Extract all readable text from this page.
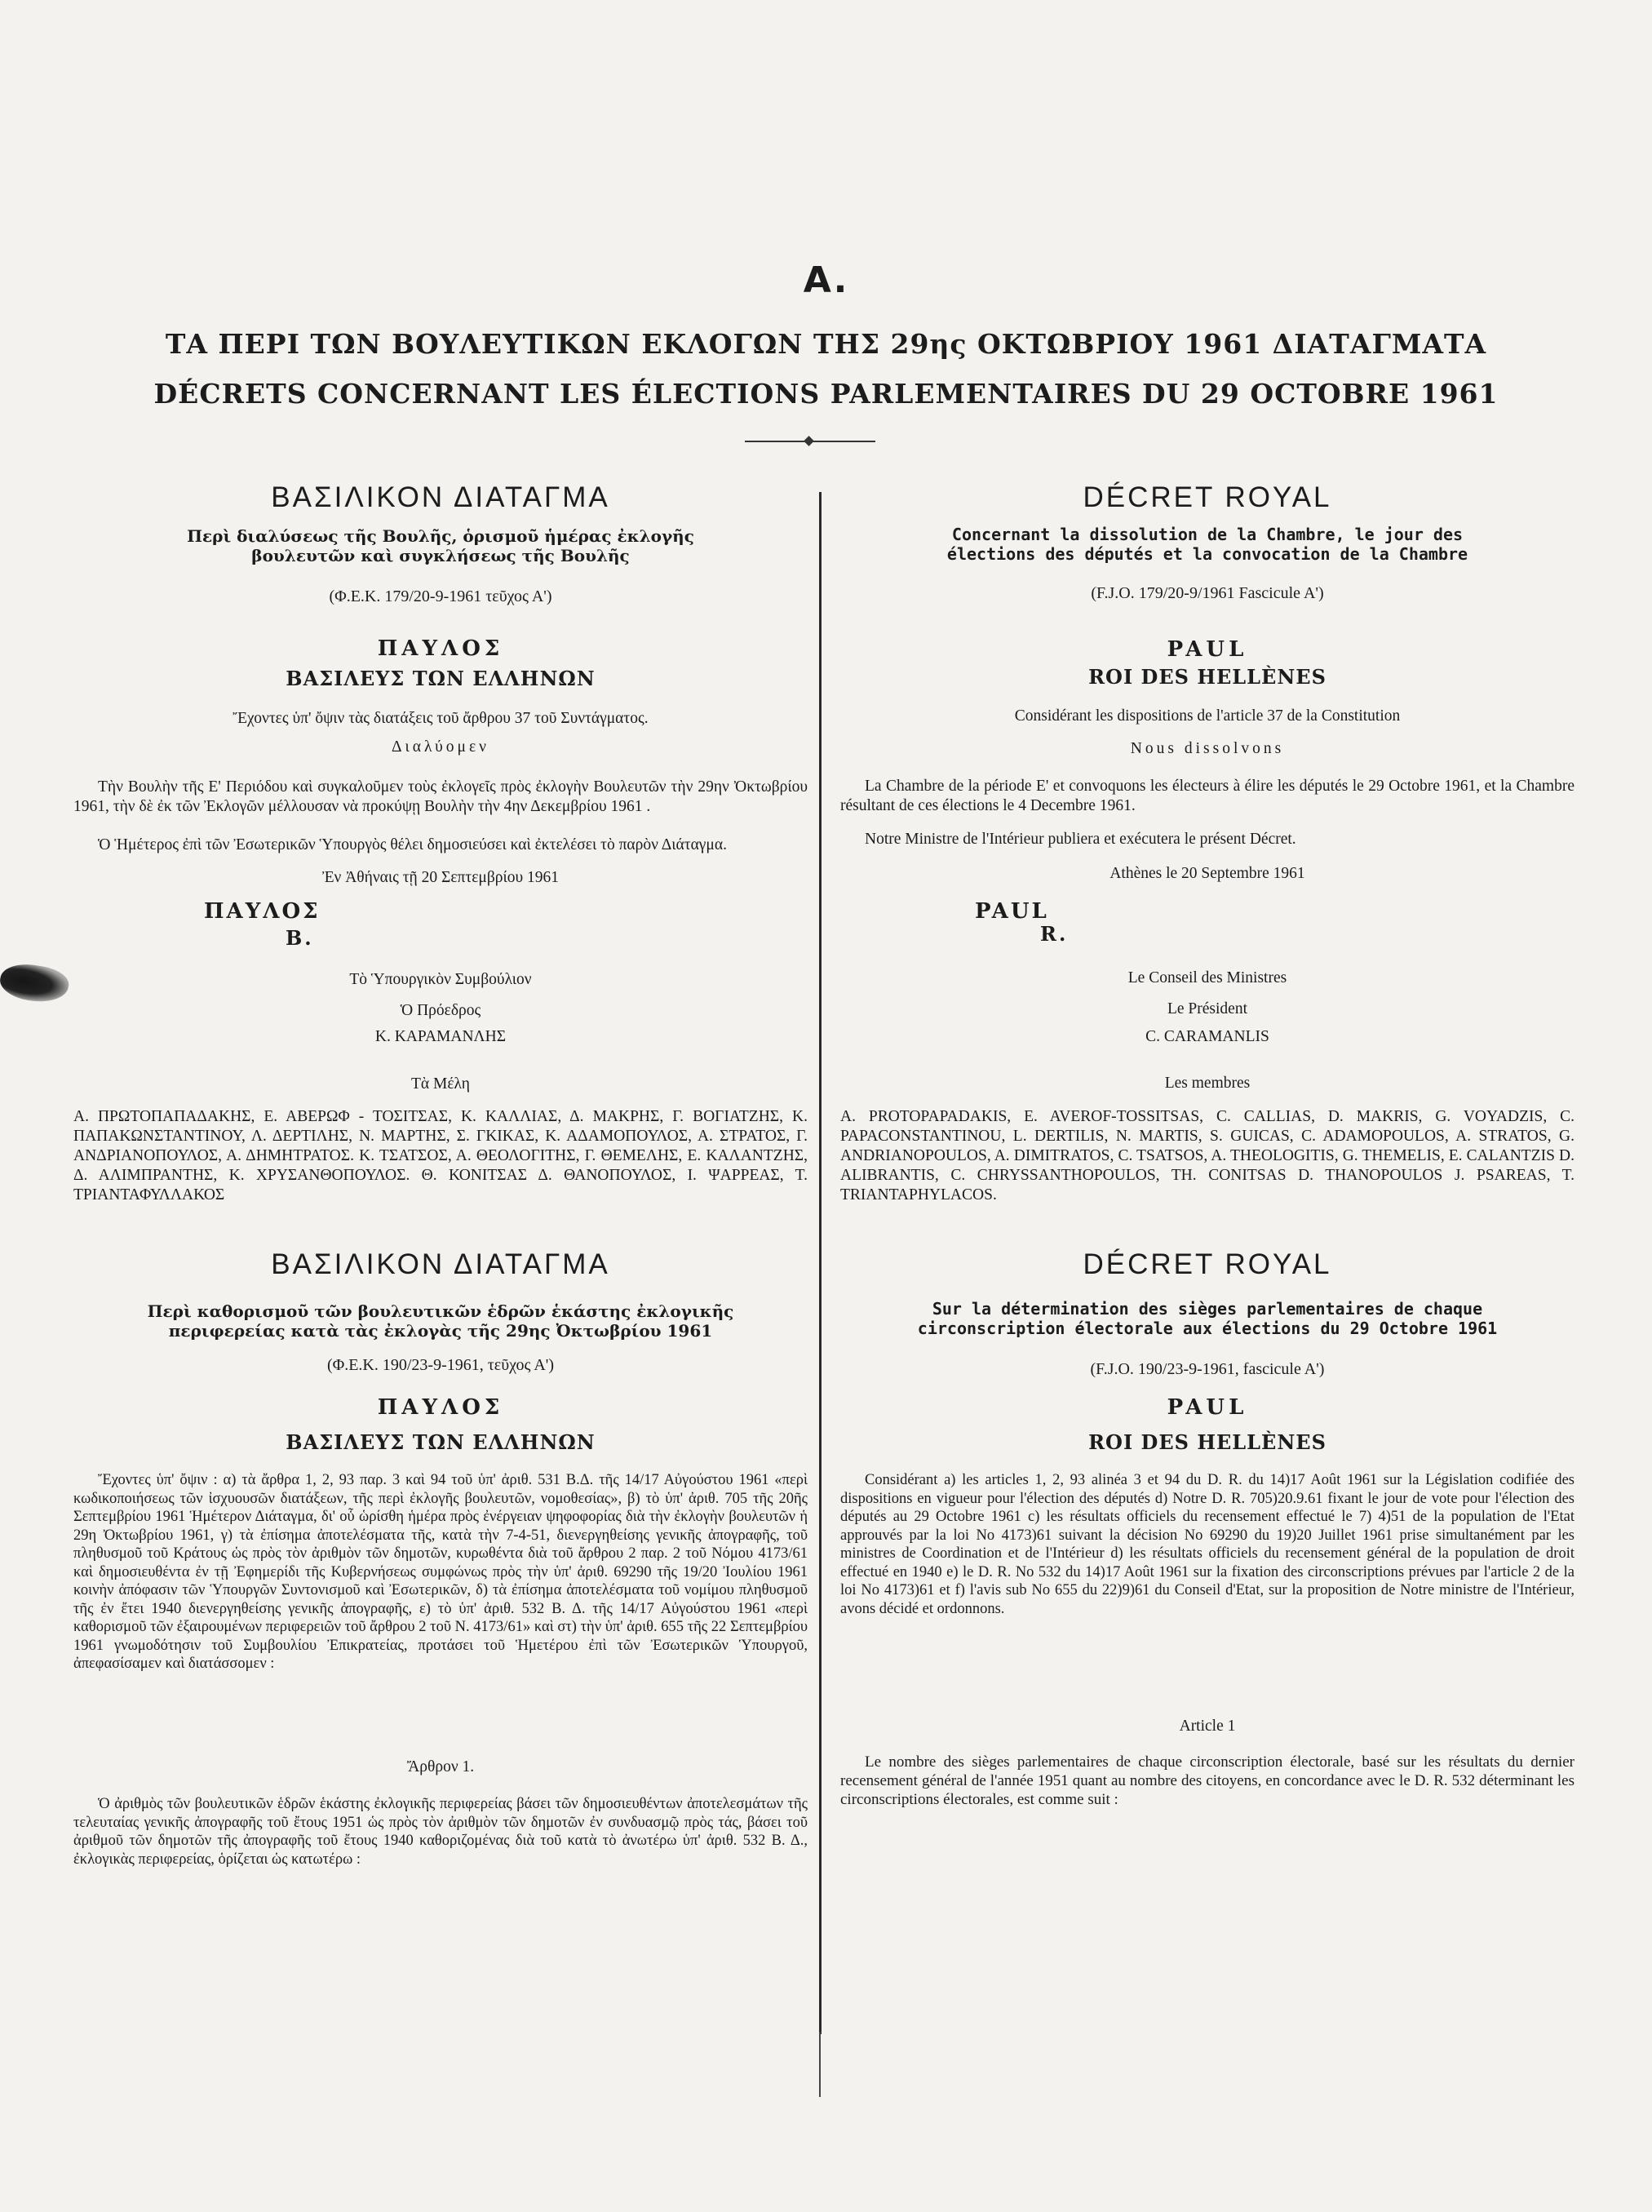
A.
ΤΑ ΠΕΡΙ ΤΩΝ ΒΟΥΛΕΥΤΙΚΩΝ ΕΚΛΟΓΩΝ ΤΗΣ 29ης ΟΚΤΩΒΡΙΟΥ 1961 ΔΙΑΤΑΓΜΑΤΑ
DÉCRETS CONCERNANT LES ÉLECTIONS PARLEMENTAIRES DU 29 OCTOBRE 1961
ΒΑΣΙΛΙΚΟΝ ΔΙΑΤΑΓΜΑ
Περὶ διαλύσεως τῆς Βουλῆς, ὁρισμοῦ ἡμέρας ἐκλογῆς βουλευτῶν καὶ συγκλήσεως τῆς Βουλῆς
(Φ.Ε.Κ. 179/20-9-1961 τεῦχος Α')
ΠΑΥΛΟΣ
ΒΑΣΙΛΕΥΣ ΤΩΝ ΕΛΛΗΝΩΝ
Ἔχοντες ὑπ' ὄψιν τὰς διατάξεις τοῦ ἄρθρου 37 τοῦ Συντάγματος.
Διαλύομεν
Τὴν Βουλὴν τῆς Ε' Περιόδου καὶ συγκαλοῦμεν τοὺς ἐκλογεῖς πρὸς ἐκλογὴν Βουλευτῶν τὴν 29ην Ὀκτωβρίου 1961, τὴν δὲ ἐκ τῶν Ἐκλογῶν μέλλουσαν νὰ προκύψῃ Βουλὴν τὴν 4ην Δεκεμβρίου 1961 .
Ὁ Ἡμέτερος ἐπὶ τῶν Ἐσωτερικῶν Ὑπουργὸς θέλει δημοσιεύσει καὶ ἐκτελέσει τὸ παρὸν Διάταγμα.
Ἐν Ἀθήναις τῇ 20 Σεπτεμβρίου 1961
ΠΑΥΛΟΣ
Β.
Τὸ Ὑπουργικὸν Συμβούλιον
Ὁ Πρόεδρος
Κ. ΚΑΡΑΜΑΝΛΗΣ
Τὰ Μέλη
Α. ΠΡΩΤΟΠΑΠΑΔΑΚΗΣ, Ε. ΑΒΕΡΩΦ - ΤΟΣΙΤΣΑΣ, Κ. ΚΑΛΛΙΑΣ, Δ. ΜΑΚΡΗΣ, Γ. ΒΟΓΙΑΤΖΗΣ, Κ. ΠΑΠΑΚΩΝΣΤΑΝΤΙΝΟΥ, Λ. ΔΕΡΤΙΛΗΣ, Ν. ΜΑΡΤΗΣ, Σ. ΓΚΙΚΑΣ, Κ. ΑΔΑΜΟΠΟΥΛΟΣ, Α. ΣΤΡΑΤΟΣ, Γ. ΑΝΔΡΙΑΝΟΠΟΥΛΟΣ, Α. ΔΗΜΗΤΡΑΤΟΣ. Κ. ΤΣΑΤΣΟΣ, Α. ΘΕΟΛΟΓΙΤΗΣ, Γ. ΘΕΜΕΛΗΣ, Ε. ΚΑΛΑΝΤΖΗΣ, Δ. ΑΛΙΜΠΡΑΝΤΗΣ, Κ. ΧΡΥΣΑΝΘΟΠΟΥΛΟΣ. Θ. ΚΟΝΙΤΣΑΣ Δ. ΘΑΝΟΠΟΥΛΟΣ, Ι. ΨΑΡΡΕΑΣ, Τ. ΤΡΙΑΝΤΑΦΥΛΛΑΚΟΣ
ΒΑΣΙΛΙΚΟΝ ΔΙΑΤΑΓΜΑ
Περὶ καθορισμοῦ τῶν βουλευτικῶν ἑδρῶν ἑκάστης ἐκλογικῆς περιφερείας κατὰ τὰς ἐκλογὰς τῆς 29ης Ὀκτωβρίου 1961
(Φ.Ε.Κ. 190/23-9-1961, τεῦχος Α')
ΠΑΥΛΟΣ
ΒΑΣΙΛΕΥΣ ΤΩΝ ΕΛΛΗΝΩΝ
Ἔχοντες ὑπ' ὄψιν : α) τὰ ἄρθρα 1, 2, 93 παρ. 3 καὶ 94 τοῦ ὑπ' ἀριθ. 531 Β.Δ. τῆς 14/17 Αὐγούστου 1961 «περὶ κωδικοποιήσεως τῶν ἰσχυουσῶν διατάξεων, τῆς περὶ ἐκλογῆς βουλευτῶν, νομοθεσίας», β) τὸ ὑπ' ἀριθ. 705 τῆς 20ῆς Σεπτεμβρίου 1961 Ἡμέτερον Διάταγμα, δι' οὗ ὡρίσθη ἡμέρα πρὸς ἐνέργειαν ψηφοφορίας διὰ τὴν ἐκλογὴν βουλευτῶν ἡ 29η Ὀκτωβρίου 1961, γ) τὰ ἐπίσημα ἀποτελέσματα τῆς, κατὰ τὴν 7-4-51, διενεργηθείσης γενικῆς ἀπογραφῆς, τοῦ πληθυσμοῦ τοῦ Κράτους ὡς πρὸς τὸν ἀριθμὸν τῶν δημοτῶν, κυρωθέντα διὰ τοῦ ἄρθρου 2 παρ. 2 τοῦ Νόμου 4173/61 καὶ δημοσιευθέντα ἐν τῇ Ἐφημερίδι τῆς Κυβερνήσεως συμφώνως πρὸς τὴν ὑπ' ἀριθ. 69290 τῆς 19/20 Ἰουλίου 1961 κοινὴν ἀπόφασιν τῶν Ὑπουργῶν Συντονισμοῦ καὶ Ἐσωτερικῶν, δ) τὰ ἐπίσημα ἀποτελέσματα τοῦ νομίμου πληθυσμοῦ τῆς ἐν ἔτει 1940 διενεργηθείσης γενικῆς ἀπογραφῆς, ε) τὸ ὑπ' ἀριθ. 532 Β. Δ. τῆς 14/17 Αὐγούστου 1961 «περὶ καθορισμοῦ τῶν ἐξαιρουμένων περιφερειῶν τοῦ ἄρθρου 2 τοῦ Ν. 4173/61» καὶ στ) τὴν ὑπ' ἀριθ. 655 τῆς 22 Σεπτεμβρίου 1961 γνωμοδότησιν τοῦ Συμβουλίου Ἐπικρατείας, προτάσει τοῦ Ἡμετέρου ἐπὶ τῶν Ἐσωτερικῶν Ὑπουργοῦ, ἀπεφασίσαμεν καὶ διατάσσομεν :
Ἄρθρον 1.
Ὁ ἀριθμὸς τῶν βουλευτικῶν ἑδρῶν ἑκάστης ἐκλογικῆς περιφερείας βάσει τῶν δημοσιευθέντων ἀποτελεσμάτων τῆς τελευταίας γενικῆς ἀπογραφῆς τοῦ ἔτους 1951 ὡς πρὸς τὸν ἀριθμὸν τῶν δημοτῶν ἐν συνδυασμῷ πρὸς τάς, βάσει τοῦ ἀριθμοῦ τῶν δημοτῶν τῆς ἀπογραφῆς τοῦ ἔτους 1940 καθοριζομένας διὰ τοῦ κατὰ τὸ ἀνωτέρω ὑπ' ἀριθ. 532 Β. Δ., ἐκλογικὰς περιφερείας, ὁρίζεται ὡς κατωτέρω :
DÉCRET ROYAL
Concernant la dissolution de la Chambre, le jour des élections des députés et la convocation de la Chambre
(F.J.O. 179/20-9/1961 Fascicule A')
PAUL
ROI DES HELLÈNES
Considérant les dispositions de l'article 37 de la Constitution
Nous dissolvons
La Chambre de la période E' et convoquons les électeurs à élire les députés le 29 Octobre 1961, et la Chambre résultant de ces élections le 4 Decembre 1961.
Notre Ministre de l'Intérieur publiera et exécutera le présent Décret.
Athènes le 20 Septembre 1961
PAUL
R.
Le Conseil des Ministres
Le Président
C. CARAMANLIS
Les membres
A. PROTOPAPADAKIS, E. AVEROF-TOSSITSAS, C. CALLIAS, D. MAKRIS, G. VOYADZIS, C. PAPACONSTANTINOU, L. DERTILIS, N. MARTIS, S. GUICAS, C. ADAMOPOULOS, A. STRATOS, G. ANDRIANOPOULOS, A. DIMITRATOS, C. TSATSOS, A. THEOLOGITIS, G. THEMELIS, E. CALANTZIS D. ALIBRANTIS, C. CHRYSSANTHOPOULOS, TH. CONITSAS D. THANOPOULOS J. PSAREAS, T. TRIANTAPHYLACOS.
DÉCRET ROYAL
Sur la détermination des sièges parlementaires de chaque circonscription électorale aux élections du 29 Octobre 1961
(F.J.O. 190/23-9-1961, fascicule A')
PAUL
ROI DES HELLÈNES
Considérant a) les articles 1, 2, 93 alinéa 3 et 94 du D. R. du 14)17 Août 1961 sur la Législation codifiée des dispositions en vigueur pour l'élection des députés d) Notre D. R. 705)20.9.61 fixant le jour de vote pour l'élection des députés au 29 Octobre 1961 c) les résultats officiels du recensement effectué le 7) 4)51 de la population de l'Etat approuvés par la loi No 4173)61 suivant la décision No 69290 du 19)20 Juillet 1961 prise simultanément par les ministres de Coordination et de l'Intérieur d) les résultats officiels du recensement général de la population de droit effectué en 1940 e) le D. R. No 532 du 14)17 Août 1961 sur la fixation des circonscriptions prévues par l'article 2 de la loi No 4173)61 et f) l'avis sub No 655 du 22)9)61 du Conseil d'Etat, sur la proposition de Notre ministre de l'Intérieur, avons décidé et ordonnons.
Article 1
Le nombre des sièges parlementaires de chaque circonscription électorale, basé sur les résultats du dernier recensement général de l'année 1951 quant au nombre des citoyens, en concordance avec le D. R. 532 déterminant les circonscriptions électorales, est comme suit :
